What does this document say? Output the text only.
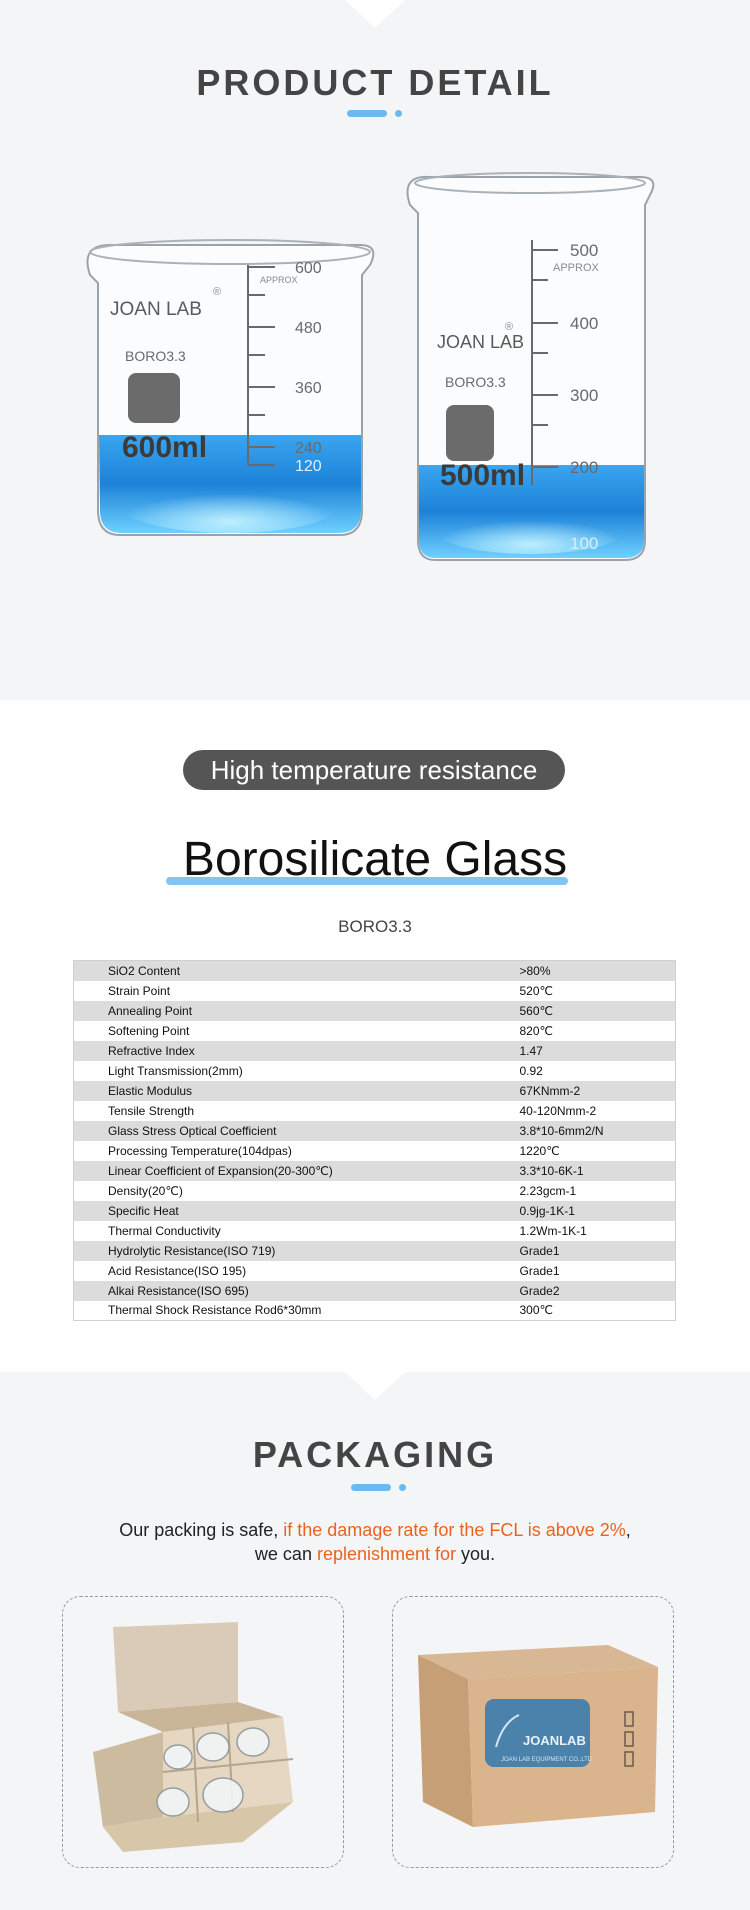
PRODUCT DETAIL
JOAN LAB
®
BORO3.3
600ml
APPROX
600
480
360
240
120
JOAN LAB
®
BORO3.3
500ml
APPROX
500
400
300
200
100
High temperature resistance
Borosilicate Glass
BORO3.3
SiO2 Content	>80%
Strain Point	520℃
Annealing Point	560℃
Softening Point	820℃
Refractive Index	1.47
Light Transmission(2mm)	0.92
Elastic Modulus	67KNmm-2
Tensile Strength	40-120Nmm-2
Glass Stress Optical Coefficient	3.8*10-6mm2/N
Processing Temperature(104dpas)	1220℃
Linear Coefficient of Expansion(20-300℃)	3.3*10-6K-1
Density(20℃)	2.23gcm-1
Specific Heat	0.9jg-1K-1
Thermal Conductivity	1.2Wm-1K-1
Hydrolytic Resistance(ISO 719)	Grade1
Acid Resistance(ISO 195)	Grade1
Alkai Resistance(ISO 695)	Grade2
Thermal Shock Resistance Rod6*30mm	300℃
PACKAGING
Our packing is safe, if the damage rate for the FCL is above 2%,
we can replenishment for you.
JOANLAB
JOAN LAB EQUIPMENT CO.,LTD
